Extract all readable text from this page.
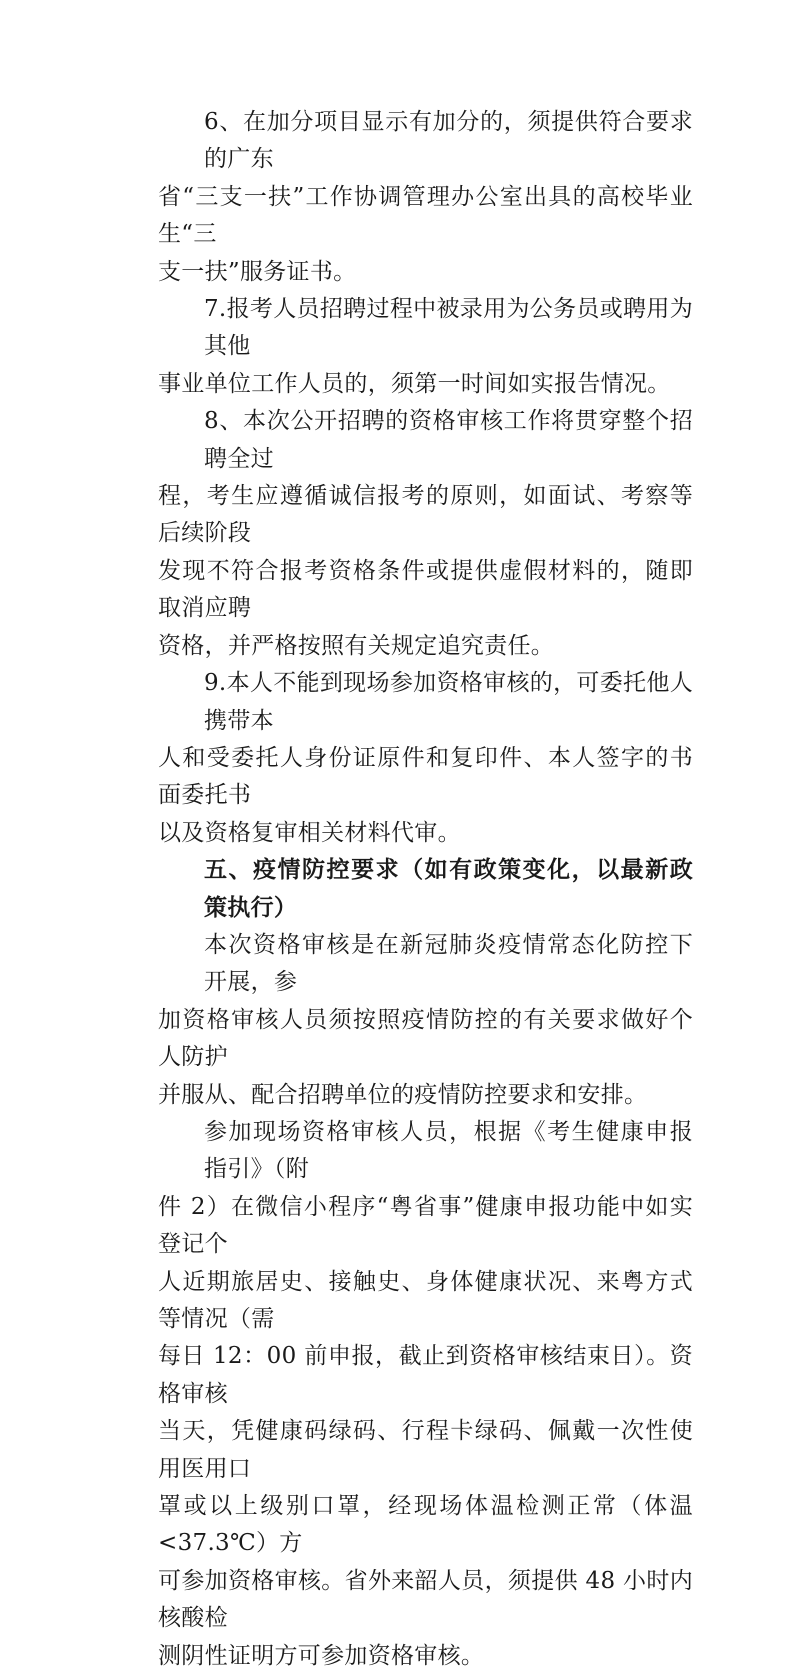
6、在加分项目显示有加分的，须提供符合要求的广东
省“三支一扶”工作协调管理办公室出具的高校毕业生“三
支一扶”服务证书。

7.报考人员招聘过程中被录用为公务员或聘用为其他
事业单位工作人员的，须第一时间如实报告情况。

8、本次公开招聘的资格审核工作将贯穿整个招聘全过
程，考生应遵循诚信报考的原则，如面试、考察等后续阶段
发现不符合报考资格条件或提供虚假材料的，随即取消应聘
资格，并严格按照有关规定追究责任。

9.本人不能到现场参加资格审核的，可委托他人携带本
人和受委托人身份证原件和复印件、本人签字的书面委托书
以及资格复审相关材料代审。

五、疫情防控要求（如有政策变化，以最新政策执行）

本次资格审核是在新冠肺炎疫情常态化防控下开展，参
加资格审核人员须按照疫情防控的有关要求做好个人防护
并服从、配合招聘单位的疫情防控要求和安排。

参加现场资格审核人员，根据《考生健康申报指引》（附
件 2）在微信小程序“粤省事”健康申报功能中如实登记个
人近期旅居史、接触史、身体健康状况、来粤方式等情况（需
每日 12：00 前申报，截止到资格审核结束日）。资格审核
当天，凭健康码绿码、行程卡绿码、佩戴一次性使用医用口
罩或以上级别口罩，经现场体温检测正常（体温<37.3℃）方
可参加资格审核。省外来韶人员，须提供 48 小时内核酸检
测阴性证明方可参加资格审核。
